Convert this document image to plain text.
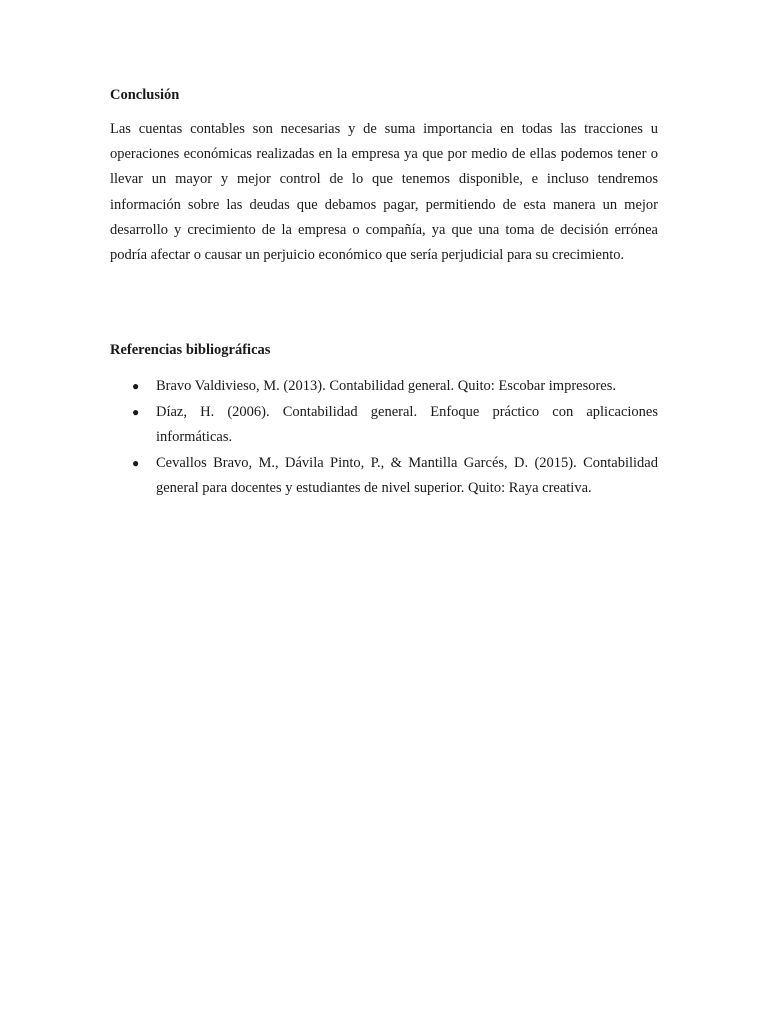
Conclusión

Las cuentas contables son necesarias y de suma importancia en todas las tracciones u operaciones económicas realizadas en la empresa ya que por medio de ellas podemos tener o llevar un mayor y mejor control de lo que tenemos disponible, e incluso tendremos información sobre las deudas que debamos pagar, permitiendo de esta manera un mejor desarrollo y crecimiento de la empresa o compañía, ya que una toma de decisión errónea podría afectar o causar un perjuicio económico que sería perjudicial para su crecimiento.

Referencias bibliográficas
● Bravo Valdivieso, M. (2013). Contabilidad general. Quito: Escobar impresores.
● Díaz, H. (2006). Contabilidad general. Enfoque práctico con aplicaciones informáticas.
● Cevallos Bravo, M., Dávila Pinto, P., & Mantilla Garcés, D. (2015). Contabilidad general para docentes y estudiantes de nivel superior. Quito: Raya creativa.
